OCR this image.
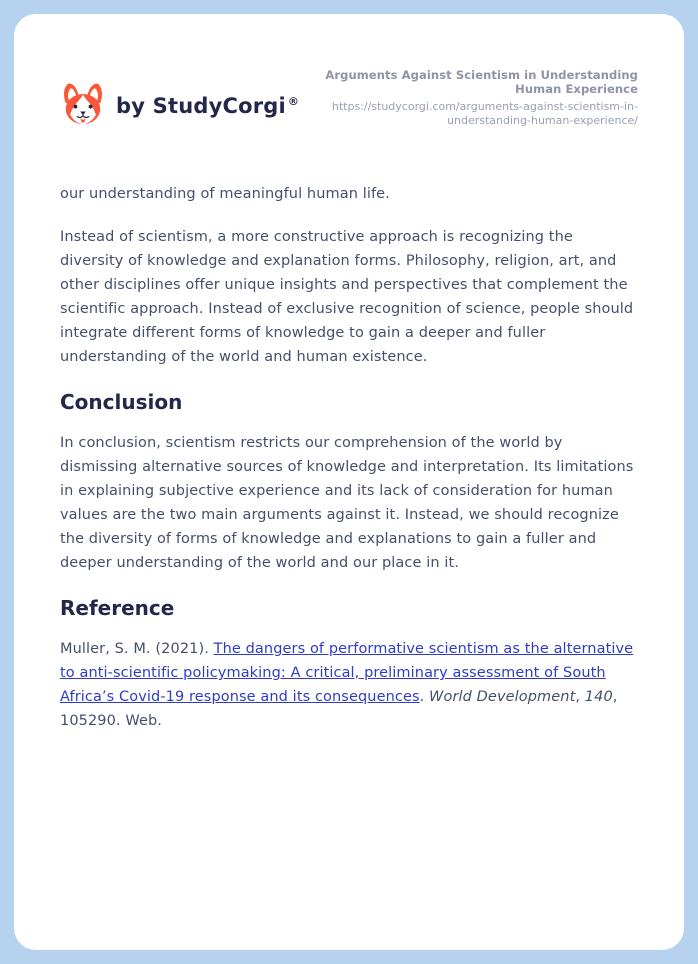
by StudyCorgi ®
Arguments Against Scientism in Understanding Human Experience
https://studycorgi.com/arguments-against-scientism-in-understanding-human-experience/

our understanding of meaningful human life.

Instead of scientism, a more constructive approach is recognizing the diversity of knowledge and explanation forms. Philosophy, religion, art, and other disciplines offer unique insights and perspectives that complement the scientific approach. Instead of exclusive recognition of science, people should integrate different forms of knowledge to gain a deeper and fuller understanding of the world and human existence.

Conclusion

In conclusion, scientism restricts our comprehension of the world by dismissing alternative sources of knowledge and interpretation. Its limitations in explaining subjective experience and its lack of consideration for human values are the two main arguments against it. Instead, we should recognize the diversity of forms of knowledge and explanations to gain a fuller and deeper understanding of the world and our place in it.

Reference

Muller, S. M. (2021). The dangers of performative scientism as the alternative to anti-scientific policymaking: A critical, preliminary assessment of South Africa’s Covid-19 response and its consequences. World Development, 140, 105290. Web.
